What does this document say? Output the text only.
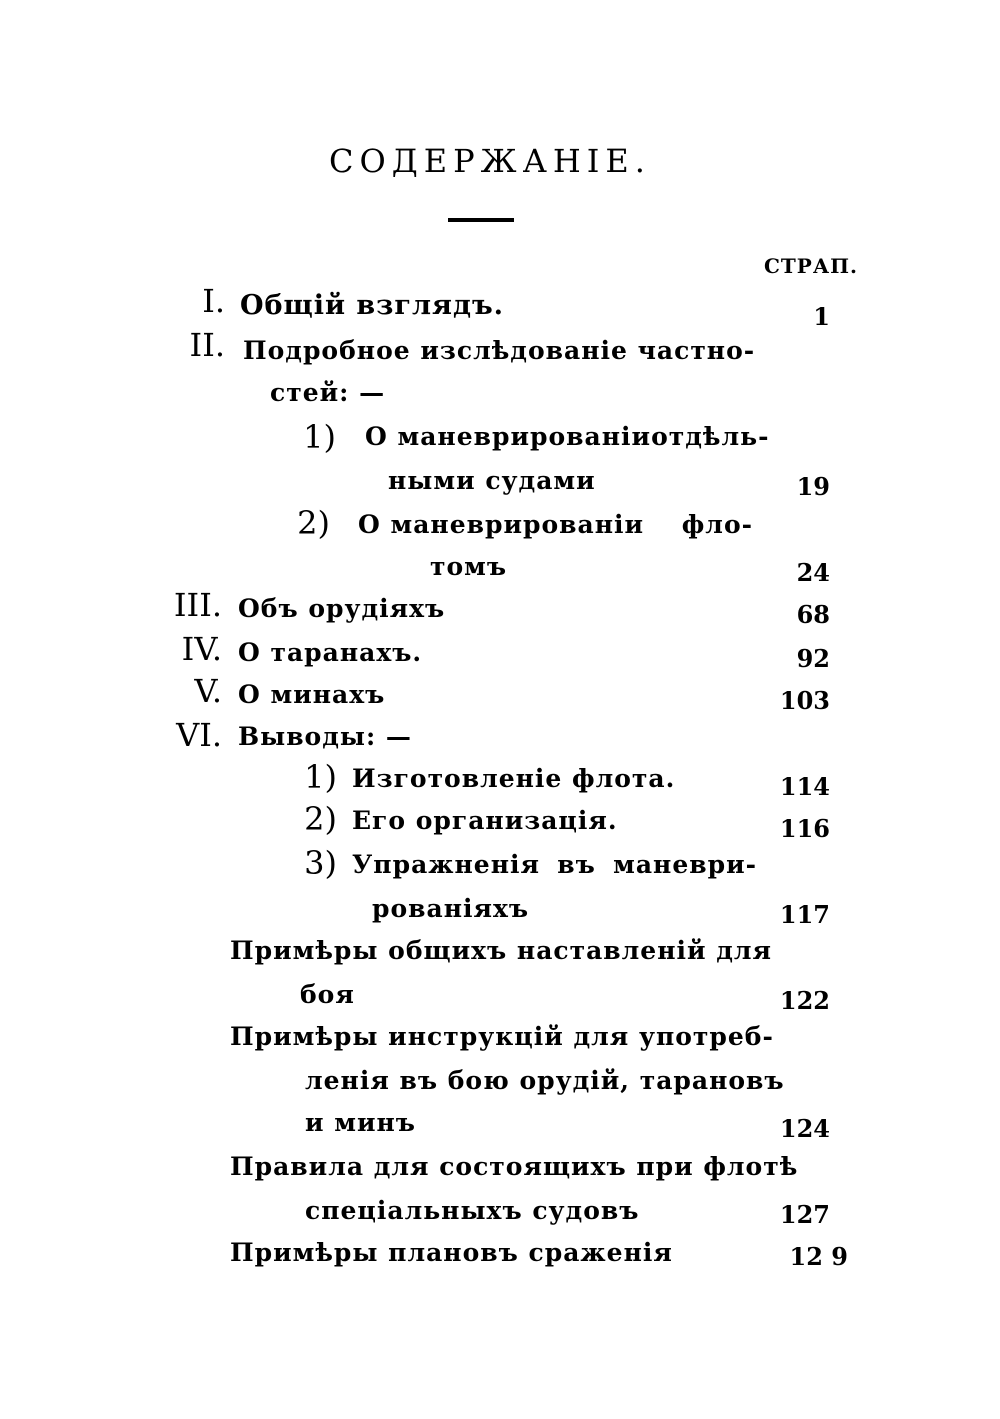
СОДЕРЖАНІЕ.
СТРАП.
I. Общій взглядъ.	1
II. Подробное изслѣдованіе частно-
стей: —
1) О маневрированіи отдѣль-
ными судами	19
2) О маневрированіи фло-
томъ	24
III. Объ орудіяхъ	68
IV. О таранахъ.	92
V. О минахъ	103
VI. Выводы: —
1) Изготовленіе флота.	114
2) Его организація.	116
3) Упражненія въ маневри-
рованіяхъ	117
Примѣры общихъ наставленій для
боя	122
Примѣры инструкцій для употреб-
ленія въ бою орудій, тарановъ
и минъ	124
Правила для состоящихъ при флотѣ
спеціальныхъ судовъ	127
Примѣры плановъ сраженія	12 9
